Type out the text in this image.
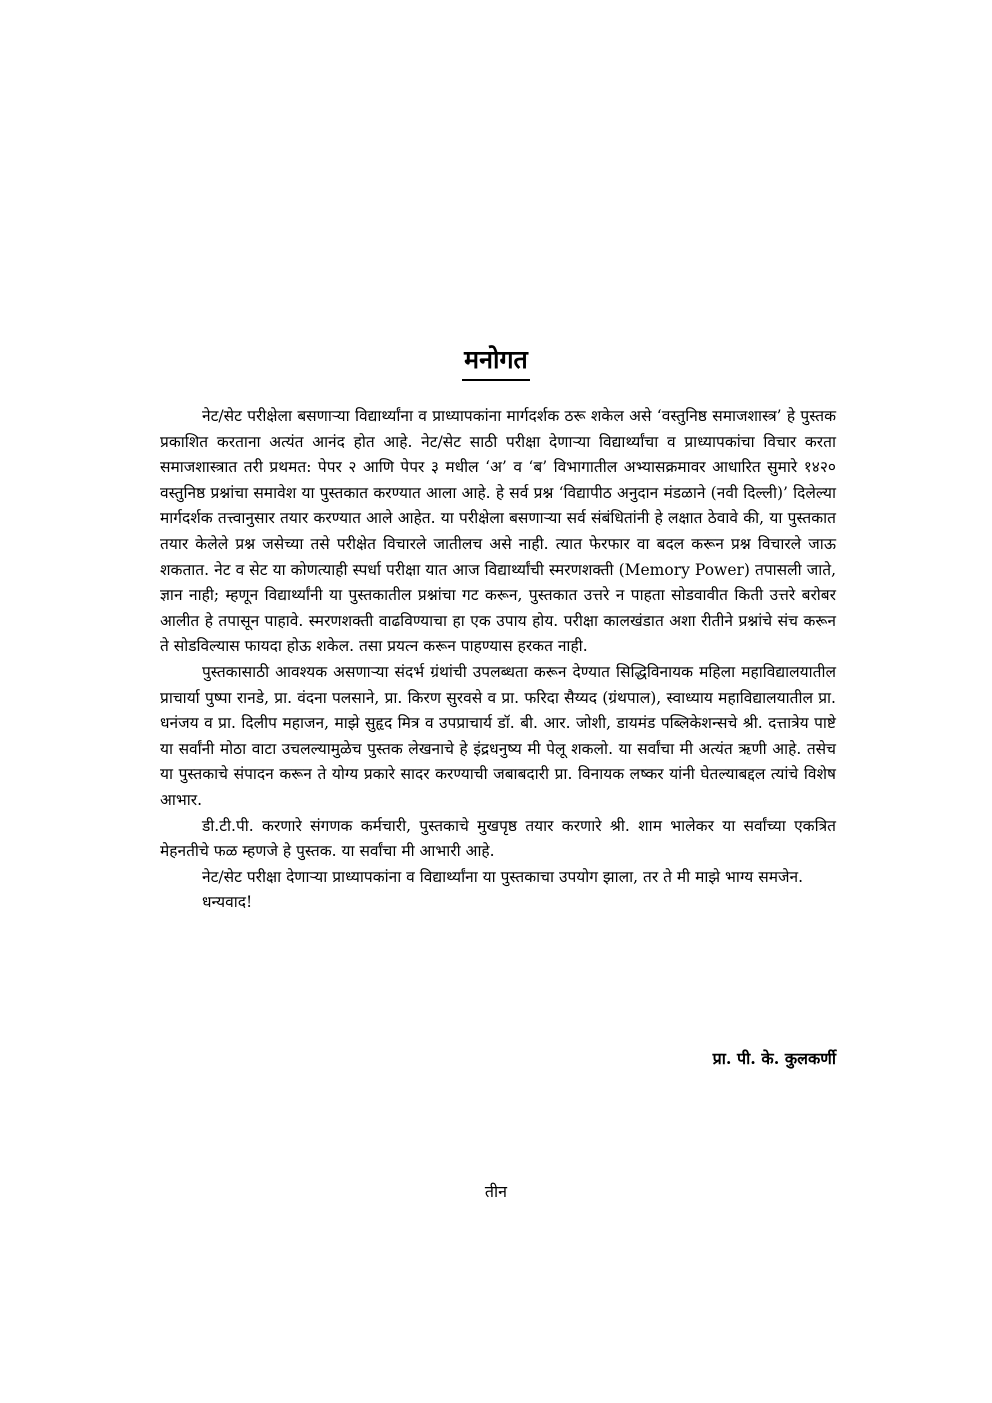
मनोगत

नेट/सेट परीक्षेला बसणाऱ्या विद्यार्थ्यांना व प्राध्यापकांना मार्गदर्शक ठरू शकेल असे ‘वस्तुनिष्ठ समाजशास्त्र’ हे पुस्तक प्रकाशित करताना अत्यंत आनंद होत आहे. नेट/सेट साठी परीक्षा देणाऱ्या विद्यार्थ्यांचा व प्राध्यापकांचा विचार करता समाजशास्त्रात तरी प्रथमत: पेपर २ आणि पेपर ३ मधील ‘अ’ व ‘ब’ विभागातील अभ्यासक्रमावर आधारित सुमारे १४२० वस्तुनिष्ठ प्रश्नांचा समावेश या पुस्तकात करण्यात आला आहे. हे सर्व प्रश्न ‘विद्यापीठ अनुदान मंडळाने (नवी दिल्ली)’ दिलेल्या मार्गदर्शक तत्त्वानुसार तयार करण्यात आले आहेत. या परीक्षेला बसणाऱ्या सर्व संबंधितांनी हे लक्षात ठेवावे की, या पुस्तकात तयार केलेले प्रश्न जसेच्या तसे परीक्षेत विचारले जातीलच असे नाही. त्यात फेरफार वा बदल करून प्रश्न विचारले जाऊ शकतात. नेट व सेट या कोणत्याही स्पर्धा परीक्षा यात आज विद्यार्थ्यांची स्मरणशक्ती (Memory Power) तपासली जाते, ज्ञान नाही; म्हणून विद्यार्थ्यांनी या पुस्तकातील प्रश्नांचा गट करून, पुस्तकात उत्तरे न पाहता सोडवावीत किती उत्तरे बरोबर आलीत हे तपासून पाहावे. स्मरणशक्ती वाढविण्याचा हा एक उपाय होय. परीक्षा कालखंडात अशा रीतीने प्रश्नांचे संच करून ते सोडविल्यास फायदा होऊ शकेल. तसा प्रयत्न करून पाहण्यास हरकत नाही.

पुस्तकासाठी आवश्यक असणाऱ्या संदर्भ ग्रंथांची उपलब्धता करून देण्यात सिद्धिविनायक महिला महाविद्यालयातील प्राचार्या पुष्पा रानडे, प्रा. वंदना पलसाने, प्रा. किरण सुरवसे व प्रा. फरिदा सैय्यद (ग्रंथपाल), स्वाध्याय महाविद्यालयातील प्रा. धनंजय व प्रा. दिलीप महाजन, माझे सुहृद मित्र व उपप्राचार्य डॉ. बी. आर. जोशी, डायमंड पब्लिकेशन्सचे श्री. दत्तात्रेय पाष्टे या सर्वांनी मोठा वाटा उचलल्यामुळेच पुस्तक लेखनाचे हे इंद्रधनुष्य मी पेलू शकलो. या सर्वांचा मी अत्यंत ऋणी आहे. तसेच या पुस्तकाचे संपादन करून ते योग्य प्रकारे सादर करण्याची जबाबदारी प्रा. विनायक लष्कर यांनी घेतल्याबद्दल त्यांचे विशेष आभार.

डी.टी.पी. करणारे संगणक कर्मचारी, पुस्तकाचे मुखपृष्ठ तयार करणारे श्री. शाम भालेकर या सर्वांच्या एकत्रित मेहनतीचे फळ म्हणजे हे पुस्तक. या सर्वांचा मी आभारी आहे.

नेट/सेट परीक्षा देणाऱ्या प्राध्यापकांना व विद्यार्थ्यांना या पुस्तकाचा उपयोग झाला, तर ते मी माझे भाग्य समजेन.

धन्यवाद!

प्रा. पी. के. कुलकर्णी
तीन
